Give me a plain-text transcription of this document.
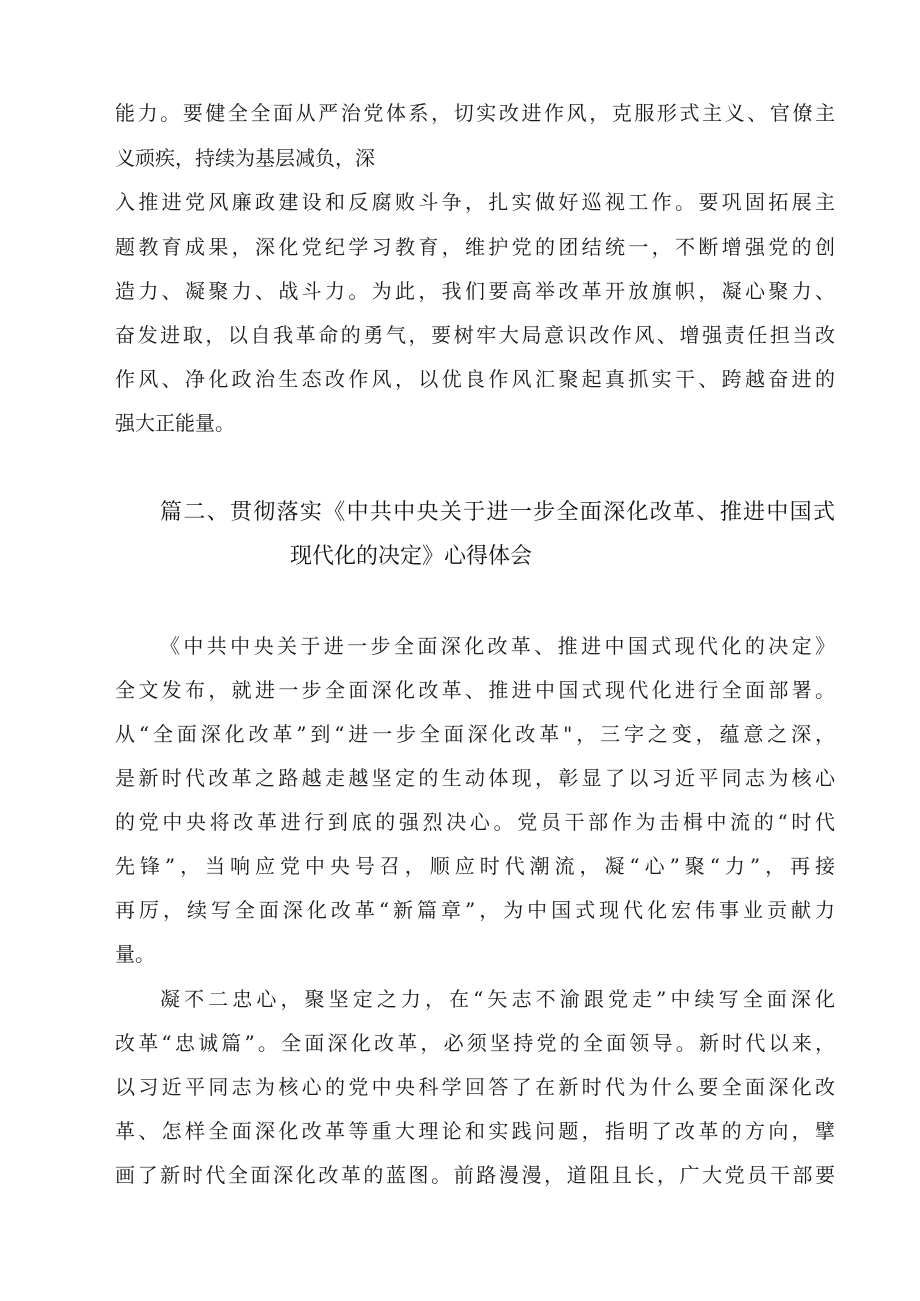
能力。要健全全面从严治党体系，切实改进作风，克服形式主义、官僚主
义顽疾，持续为基层减负，深
入推进党风廉政建设和反腐败斗争，扎实做好巡视工作。要巩固拓展主
题教育成果，深化党纪学习教育，维护党的团结统一，不断增强党的创
造力、凝聚力、战斗力。为此，我们要高举改革开放旗帜，凝心聚力、
奋发进取，以自我革命的勇气，要树牢大局意识改作风、增强责任担当改
作风、净化政治生态改作风，以优良作风汇聚起真抓实干、跨越奋进的
强大正能量。
篇二、贯彻落实《中共中央关于进一步全面深化改革、推进中国式
现代化的决定》心得体会
《中共中央关于进一步全面深化改革、推进中国式现代化的决定》
全文发布，就进一步全面深化改革、推进中国式现代化进行全面部署。
从“全面深化改革”到“进一步全面深化改革"，三字之变，蕴意之深，
是新时代改革之路越走越坚定的生动体现，彰显了以习近平同志为核心
的党中央将改革进行到底的强烈决心。党员干部作为击楫中流的“时代
先锋”，当响应党中央号召，顺应时代潮流，凝“心”聚“力”，再接
再厉，续写全面深化改革“新篇章”，为中国式现代化宏伟事业贡献力
量。
凝不二忠心，聚坚定之力，在“矢志不渝跟党走”中续写全面深化
改革“忠诚篇”。全面深化改革，必须坚持党的全面领导。新时代以来，
以习近平同志为核心的党中央科学回答了在新时代为什么要全面深化改
革、怎样全面深化改革等重大理论和实践问题，指明了改革的方向，擘
画了新时代全面深化改革的蓝图。前路漫漫，道阻且长，广大党员干部要
